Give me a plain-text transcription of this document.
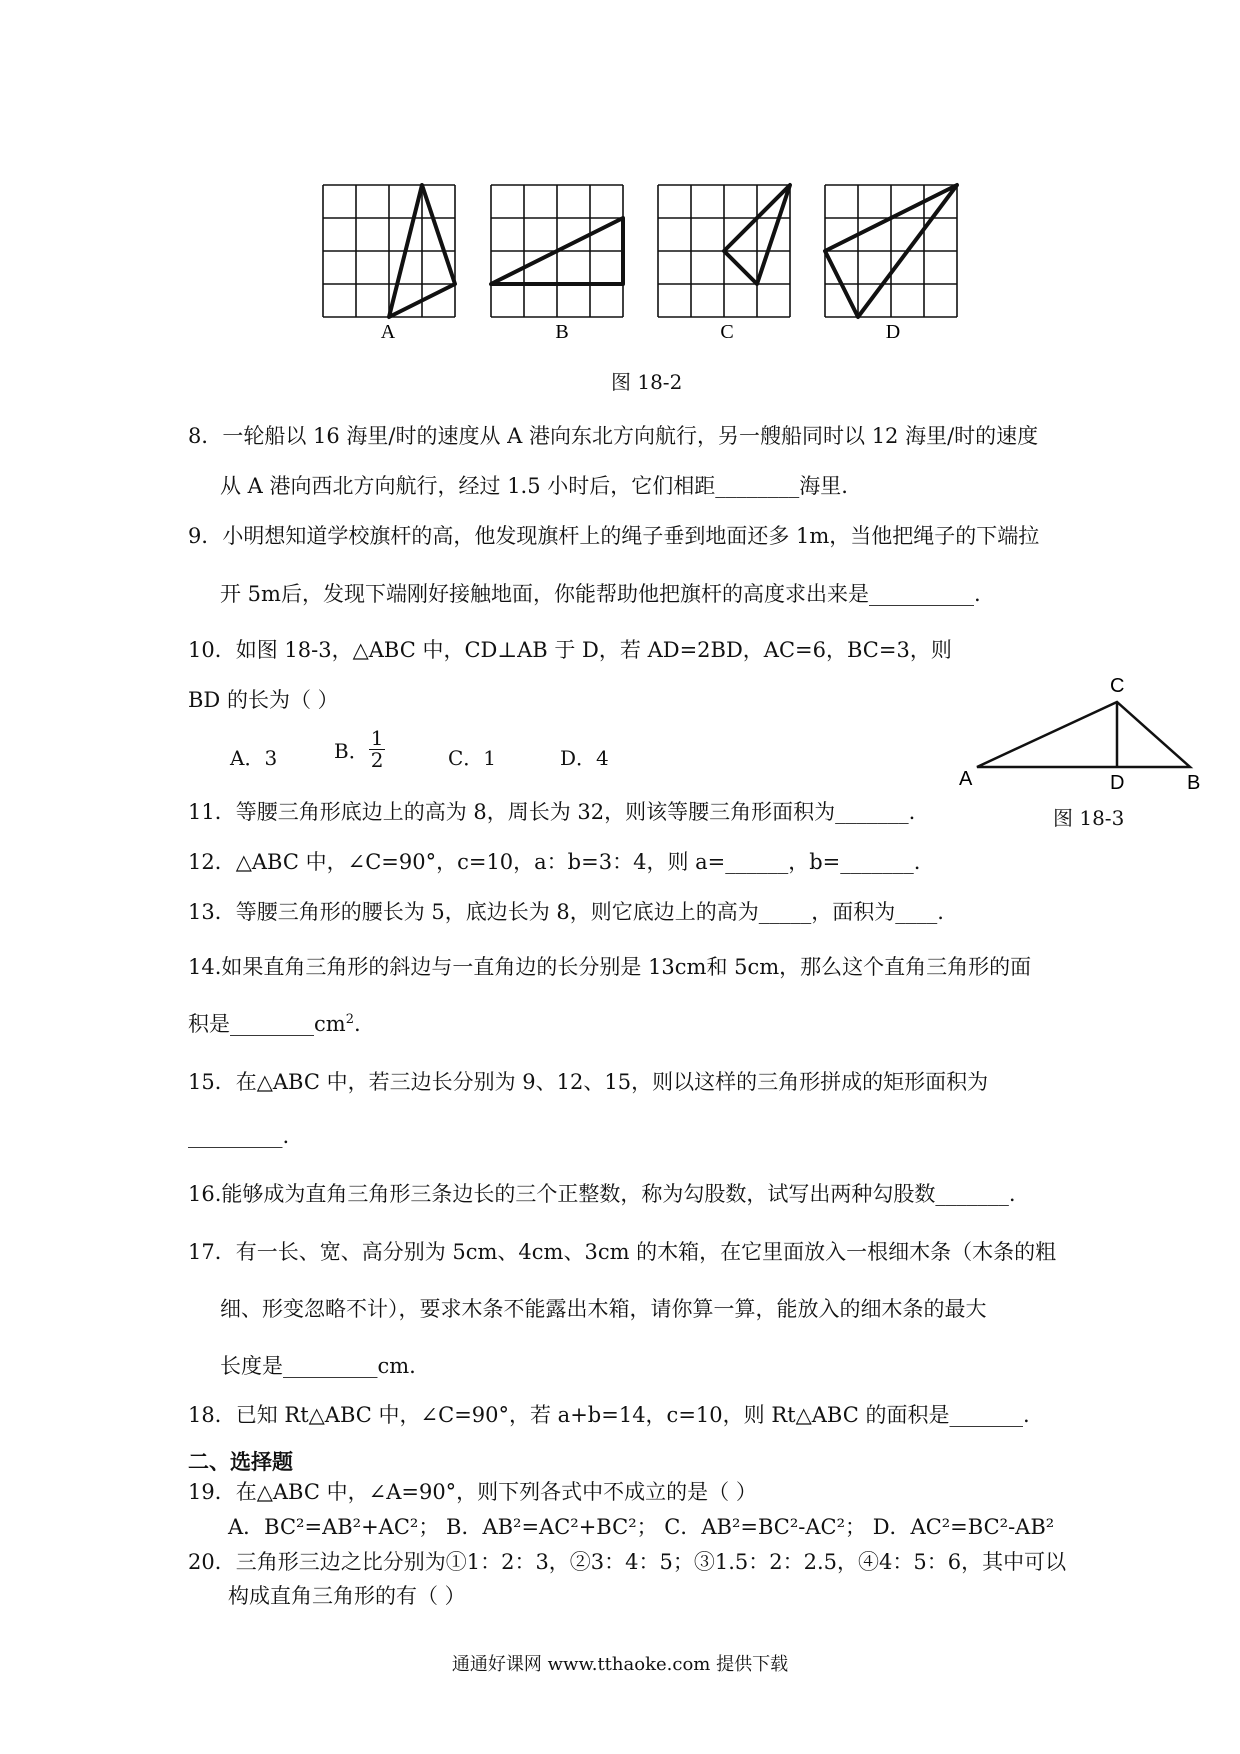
A	B	C	D
图 18-2
8．一轮船以 16 海里/时的速度从 A 港向东北方向航行，另一艘船同时以 12 海里/时的速度
从 A 港向西北方向航行，经过 1.5 小时后，它们相距________海里.
9．小明想知道学校旗杆的高，他发现旗杆上的绳子垂到地面还多 1m，当他把绳子的下端拉
开 5m后，发现下端刚好接触地面，你能帮助他把旗杆的高度求出来是__________.
10．如图 18-3，△ABC 中，CD⊥AB 于 D，若 AD=2BD，AC=6，BC=3，则
BD 的长为（ ）
A．3	B． $\frac{1}{2}$	C．1	D．4
A
C
D	B
图 18-3
11．等腰三角形底边上的高为 8，周长为 32，则该等腰三角形面积为_______.
12．△ABC 中，∠C=90°，c=10，a：b=3：4，则 a=______，b=_______.
13．等腰三角形的腰长为 5，底边长为 8，则它底边上的高为_____，面积为____.
14.如果直角三角形的斜边与一直角边的长分别是 13cm和 5cm，那么这个直角三角形的面
积是$\_\_\_\_\_\_\_\_cm^2$.
15．在△ABC 中，若三边长分别为 9、12、15，则以这样的三角形拼成的矩形面积为
_________.
16.能够成为直角三角形三条边长的三个正整数，称为勾股数，试写出两种勾股数_______.
17．有一长、宽、高分别为 5cm、4cm、3cm 的木箱，在它里面放入一根细木条（木条的粗
细、形变忽略不计），要求木条不能露出木箱，请你算一算，能放入的细木条的最大
长度是_________cm.
18．已知 Rt△ABC 中，∠C=90°，若 a+b=14，c=10，则 Rt△ABC 的面积是_______.
二、选择题
19．在△ABC 中，∠A=90°，则下列各式中不成立的是（ ）
A．BC²=AB²+AC²； B．AB²=AC²+BC²； C．AB²=BC²-AC²； D．AC²=BC²-AB²
20．三角形三边之比分别为①1：2：3，②3：4：5；③1.5：2：2.5，④4：5：6，其中可以
构成直角三角形的有（ ）
通通好课网 www.tthaoke.com 提供下载
